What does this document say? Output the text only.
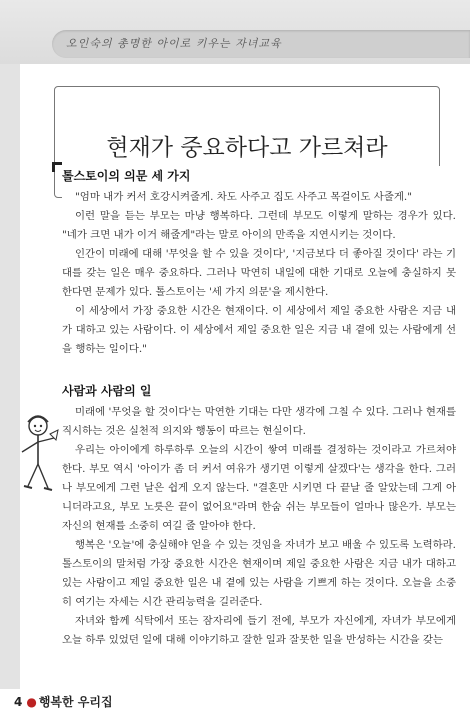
오인숙의 총명한 아이로 키우는 자녀교육
현재가 중요하다고 가르쳐라
톨스토이의 의문 세 가지

"엄마 내가 커서 호강시켜줄게. 차도 사주고 집도 사주고 목걸이도 사줄게."

이런 말을 듣는 부모는 마냥 행복하다. 그런데 부모도 이렇게 말하는 경우가 있다. "네가 크면 내가 이거 해줄게"라는 말로 아이의 만족을 지연시키는 것이다.

인간이 미래에 대해 '무엇을 할 수 있을 것이다', '지금보다 더 좋아질 것이다' 라는 기대를 갖는 일은 매우 중요하다. 그러나 막연히 내일에 대한 기대로 오늘에 충실하지 못한다면 문제가 있다. 톨스토이는 '세 가지 의문'을 제시한다.

이 세상에서 가장 중요한 시간은 현재이다. 이 세상에서 제일 중요한 사람은 지금 내가 대하고 있는 사람이다. 이 세상에서 제일 중요한 일은 지금 내 곁에 있는 사람에게 선을 행하는 일이다."

사람과 사람의 일

미래에 '무엇을 할 것이다'는 막연한 기대는 다만 생각에 그칠 수 있다. 그러나 현재를 직시하는 것은 실천적 의지와 행동이 따르는 현실이다.

우리는 아이에게 하루하루 오늘의 시간이 쌓여 미래를 결정하는 것이라고 가르쳐야 한다. 부모 역시 '아이가 좀 더 커서 여유가 생기면 이렇게 살겠다'는 생각을 한다. 그러나 부모에게 그런 날은 쉽게 오지 않는다. "결혼만 시키면 다 끝날 줄 알았는데 그게 아니더라고요, 부모 노릇은 끝이 없어요"라며 한숨 쉬는 부모들이 얼마나 많은가. 부모는 자신의 현재를 소중히 여길 줄 알아야 한다.

행복은 '오늘'에 충실해야 얻을 수 있는 것임을 자녀가 보고 배울 수 있도록 노력하라. 톨스토이의 말처럼 가장 중요한 시간은 현재이며 제일 중요한 사람은 지금 내가 대하고 있는 사람이고 제일 중요한 일은 내 곁에 있는 사람을 기쁘게 하는 것이다. 오늘을 소중히 여기는 자세는 시간 관리능력을 길러준다.

자녀와 함께 식탁에서 또는 잠자리에 들기 전에, 부모가 자신에게, 자녀가 부모에게 오늘 하루 있었던 일에 대해 이야기하고 잘한 일과 잘못한 일을 반성하는 시간을 갖는

4 ● 행복한 우리집
